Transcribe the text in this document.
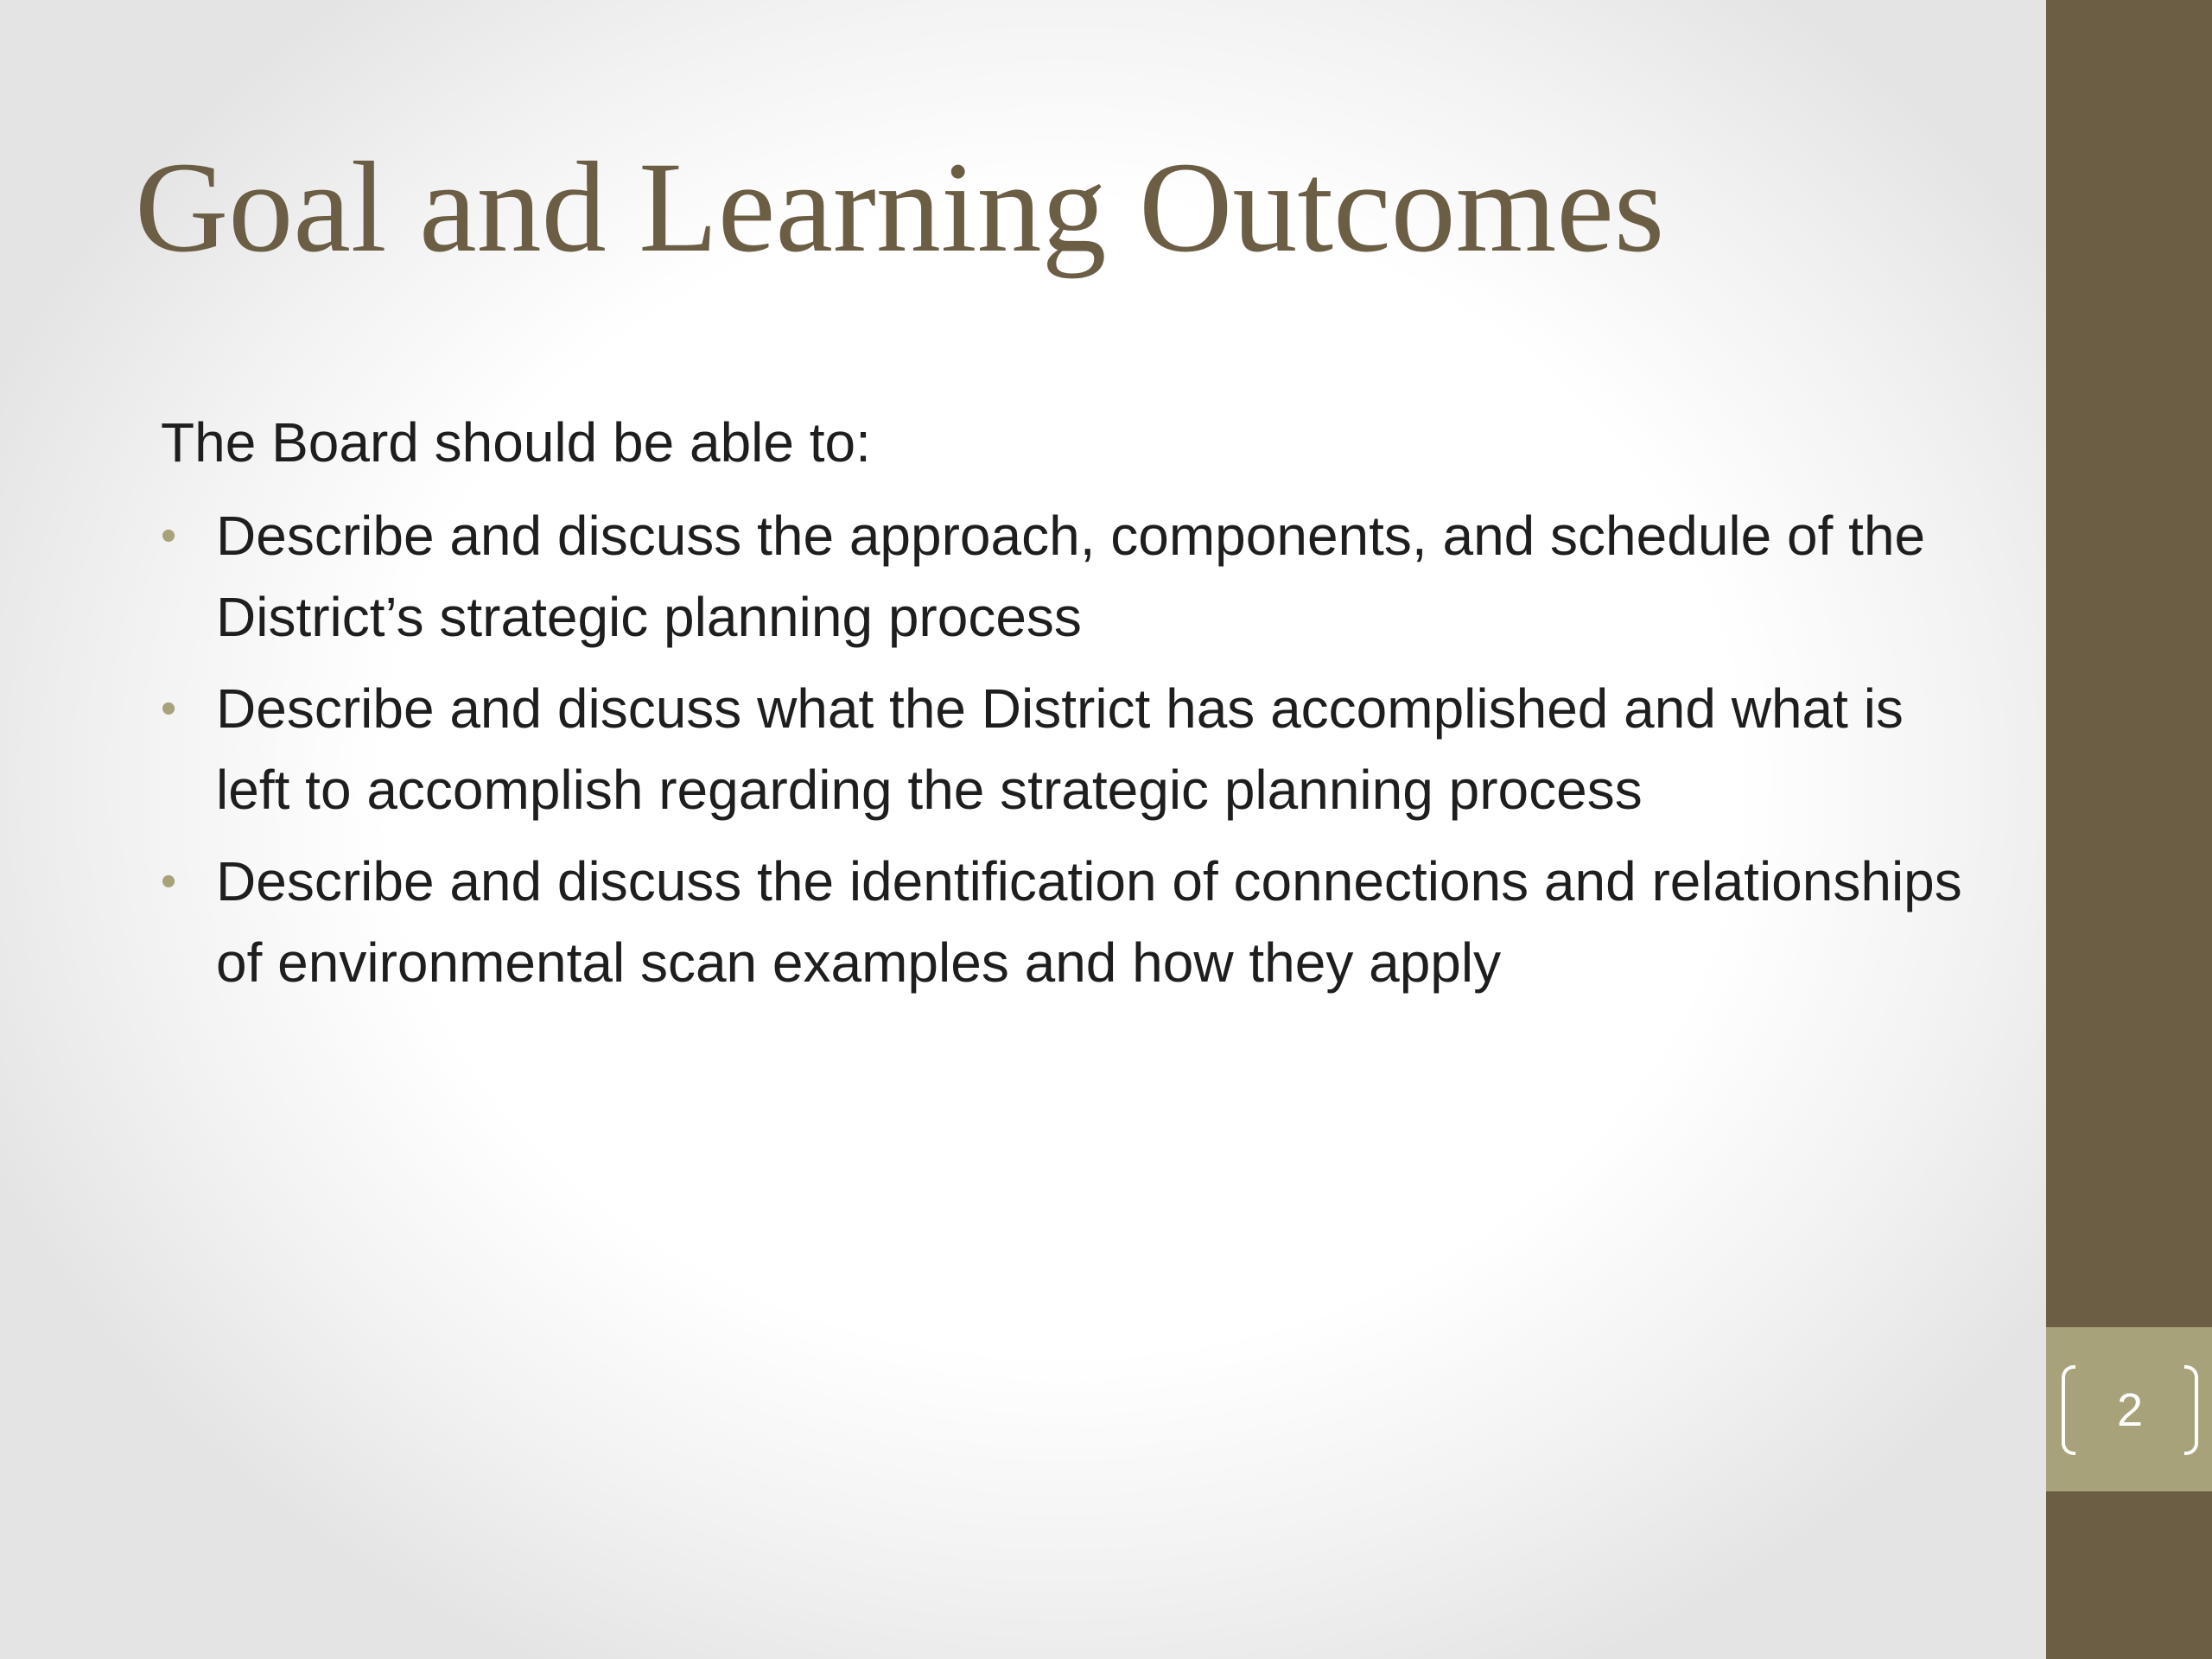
Goal and Learning Outcomes

The Board should be able to:

• Describe and discuss the approach, components, and schedule of the District’s strategic planning process
• Describe and discuss what the District has accomplished and what is left to accomplish regarding the strategic planning process
• Describe and discuss the identification of connections and relationships of environmental scan examples and how they apply
2
